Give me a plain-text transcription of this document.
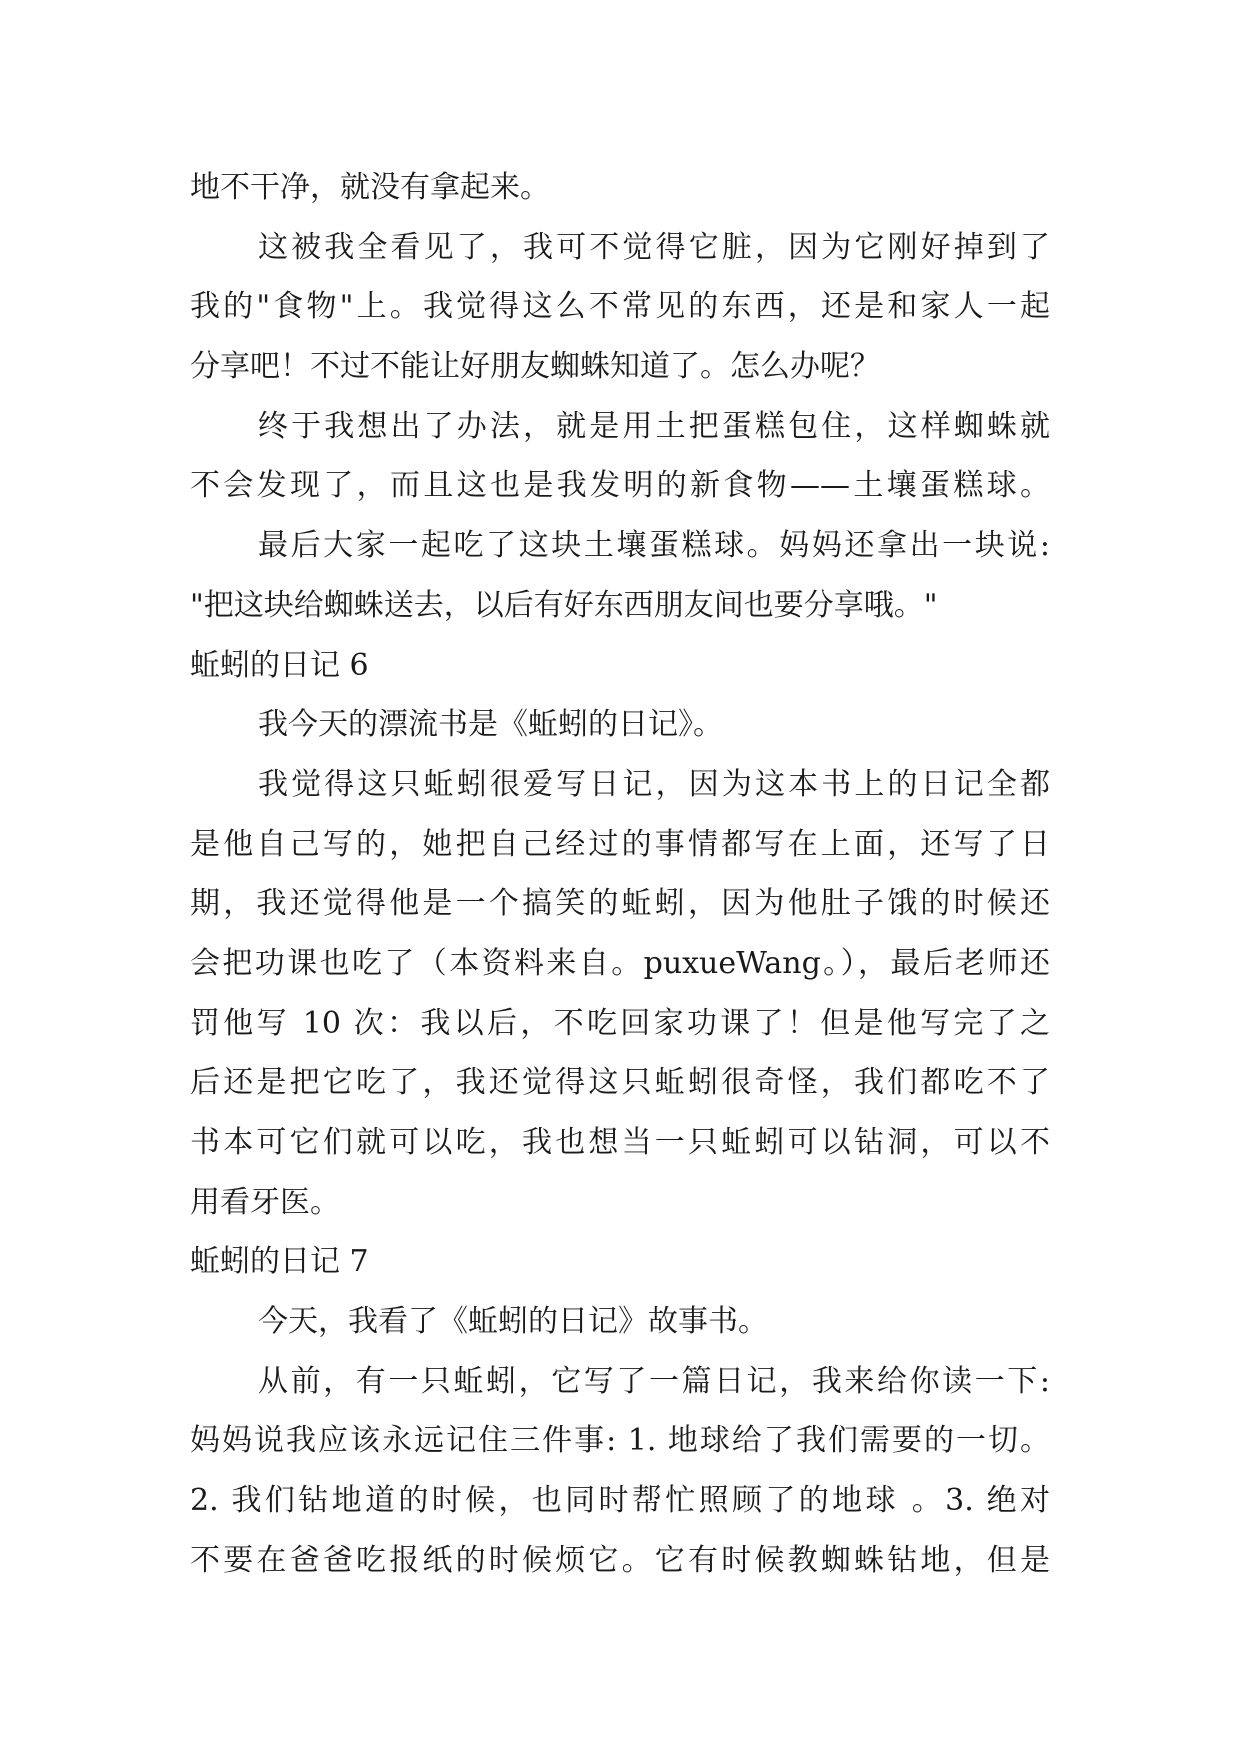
地不干净，就没有拿起来。
这被我全看见了，我可不觉得它脏，因为它刚好掉到了
我的"食物"上。我觉得这么不常见的东西，还是和家人一起
分享吧！不过不能让好朋友蜘蛛知道了。怎么办呢？
终于我想出了办法，就是用土把蛋糕包住，这样蜘蛛就
不会发现了，而且这也是我发明的新食物——土壤蛋糕球。
最后大家一起吃了这块土壤蛋糕球。妈妈还拿出一块说:
"把这块给蜘蛛送去，以后有好东西朋友间也要分享哦。"
蚯蚓的日记 6
我今天的漂流书是《蚯蚓的日记》。
我觉得这只蚯蚓很爱写日记，因为这本书上的日记全都
是他自己写的，她把自己经过的事情都写在上面，还写了日
期，我还觉得他是一个搞笑的蚯蚓，因为他肚子饿的时候还
会把功课也吃了（本资料来自。puxueWang。），最后老师还
罚他写 10 次：我以后，不吃回家功课了！但是他写完了之
后还是把它吃了，我还觉得这只蚯蚓很奇怪，我们都吃不了
书本可它们就可以吃，我也想当一只蚯蚓可以钻洞，可以不
用看牙医。
蚯蚓的日记 7
今天，我看了《蚯蚓的日记》故事书。
从前，有一只蚯蚓，它写了一篇日记，我来给你读一下:
妈妈说我应该永远记住三件事: 1. 地球给了我们需要的一切。
2. 我们钻地道的时候，也同时帮忙照顾了的地球 。3. 绝对
不要在爸爸吃报纸的时候烦它。它有时候教蜘蛛钻地，但是
